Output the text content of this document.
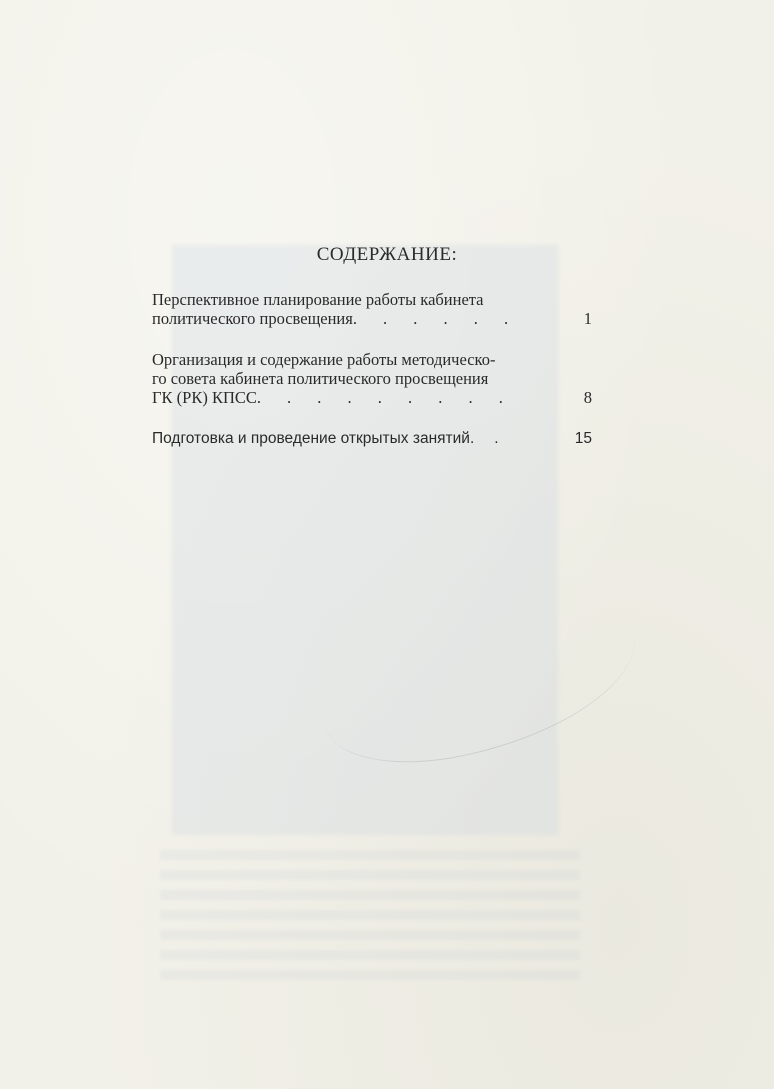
СОДЕРЖАНИЕ:
Перспективное планирование работы кабинета
политического просвещения.	. . . . .	1
Организация и содержание работы методическо-
го совета кабинета политического просвещения
ГК (РК) КПСС.	. . . . . . . .	8
Подготовка и проведение открытых занятий.	.	15
